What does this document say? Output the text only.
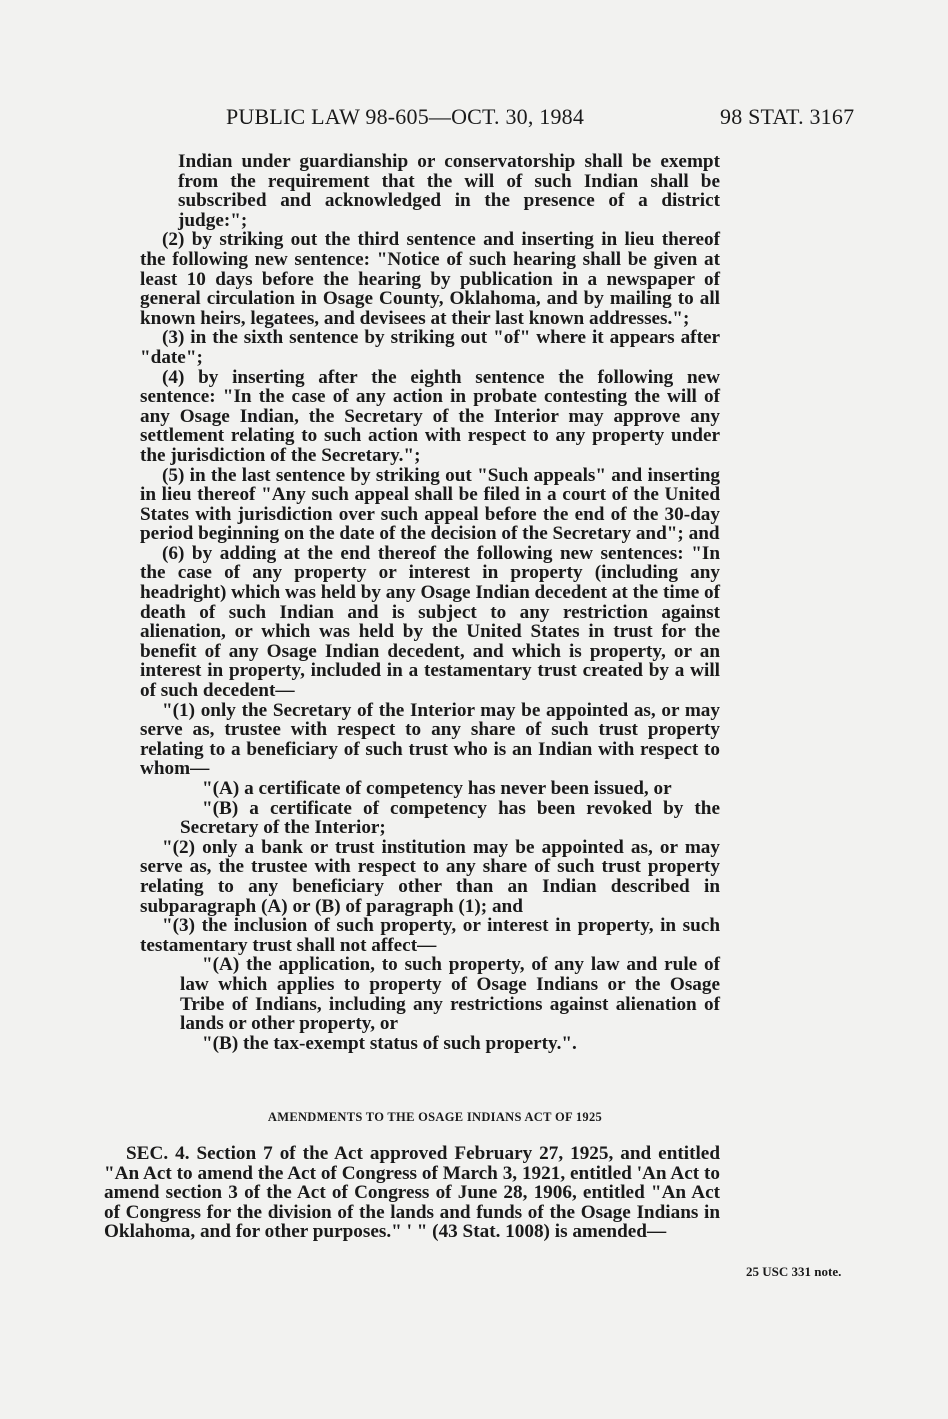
PUBLIC LAW 98-605—OCT. 30, 1984	98 STAT. 3167

Indian under guardianship or conservatorship shall be exempt from the requirement that the will of such Indian shall be subscribed and acknowledged in the presence of a district judge:";

(2) by striking out the third sentence and inserting in lieu thereof the following new sentence: "Notice of such hearing shall be given at least 10 days before the hearing by publication in a newspaper of general circulation in Osage County, Oklahoma, and by mailing to all known heirs, legatees, and devisees at their last known addresses.";

(3) in the sixth sentence by striking out "of" where it appears after "date";

(4) by inserting after the eighth sentence the following new sentence: "In the case of any action in probate contesting the will of any Osage Indian, the Secretary of the Interior may approve any settlement relating to such action with respect to any property under the jurisdiction of the Secretary.";

(5) in the last sentence by striking out "Such appeals" and inserting in lieu thereof "Any such appeal shall be filed in a court of the United States with jurisdiction over such appeal before the end of the 30-day period beginning on the date of the decision of the Secretary and"; and

(6) by adding at the end thereof the following new sentences: "In the case of any property or interest in property (including any headright) which was held by any Osage Indian decedent at the time of death of such Indian and is subject to any restriction against alienation, or which was held by the United States in trust for the benefit of any Osage Indian decedent, and which is property, or an interest in property, included in a testamentary trust created by a will of such decedent—

"(1) only the Secretary of the Interior may be appointed as, or may serve as, trustee with respect to any share of such trust property relating to a beneficiary of such trust who is an Indian with respect to whom—

"(A) a certificate of competency has never been issued, or

"(B) a certificate of competency has been revoked by the Secretary of the Interior;

"(2) only a bank or trust institution may be appointed as, or may serve as, the trustee with respect to any share of such trust property relating to any beneficiary other than an Indian described in subparagraph (A) or (B) of paragraph (1); and

"(3) the inclusion of such property, or interest in property, in such testamentary trust shall not affect—

"(A) the application, to such property, of any law and rule of law which applies to property of Osage Indians or the Osage Tribe of Indians, including any restrictions against alienation of lands or other property, or

"(B) the tax-exempt status of such property.".

AMENDMENTS TO THE OSAGE INDIANS ACT OF 1925

SEC. 4. Section 7 of the Act approved February 27, 1925, and entitled "An Act to amend the Act of Congress of March 3, 1921, entitled 'An Act to amend section 3 of the Act of Congress of June 28, 1906, entitled "An Act of Congress for the division of the lands and funds of the Osage Indians in Oklahoma, and for other purposes." ' " (43 Stat. 1008) is amended—

25 USC 331 note.
